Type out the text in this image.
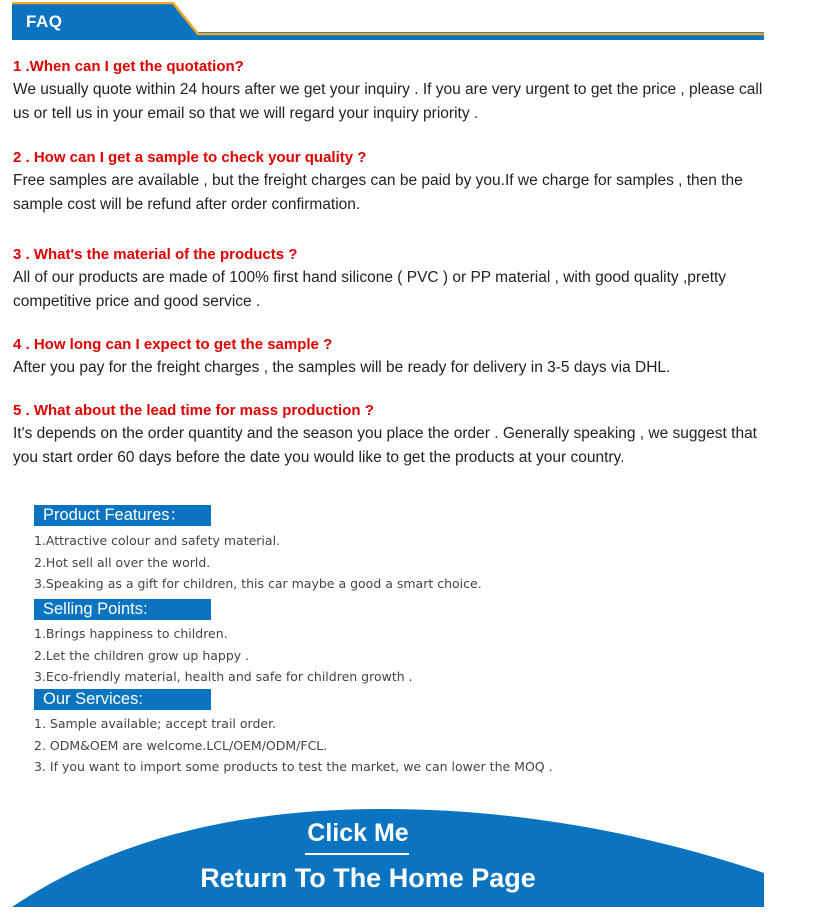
FAQ
1 .When can I get the quotation?
We usually quote within 24 hours after we get your inquiry . If you are very urgent to get the price , please call us or tell us in your email so that we will regard your inquiry priority .
2 . How can I get a sample to check your quality ?
Free samples are available , but the freight charges can be paid by you.If we charge for samples , then the sample cost will be refund after order confirmation.
3 . What's the material of the products ?
All of our products are made of 100% first hand silicone ( PVC ) or PP material , with good quality ,pretty competitive price and good service .
4 . How long can I expect to get the sample ?
After you pay for the freight charges , the samples will be ready for delivery in 3-5 days via DHL.
5 . What about the lead time for mass production ?
It's depends on the order quantity and the season you place the order . Generally speaking , we suggest that you start order 60 days before the date you would like to get the products at your country.
Product Features：
1.Attractive colour and safety material.
2.Hot sell all over the world.
3.Speaking as a gift for children, this car maybe a good a smart choice.
Selling Points:
1.Brings happiness to children.
2.Let the children grow up happy .
3.Eco-friendly material, health and safe for children growth .
Our Services:
1. Sample available; accept trail order.
2. ODM&OEM are welcome.LCL/OEM/ODM/FCL.
3. If you want to import some products to test the market, we can lower the MOQ .
Click Me
Return To The Home Page
